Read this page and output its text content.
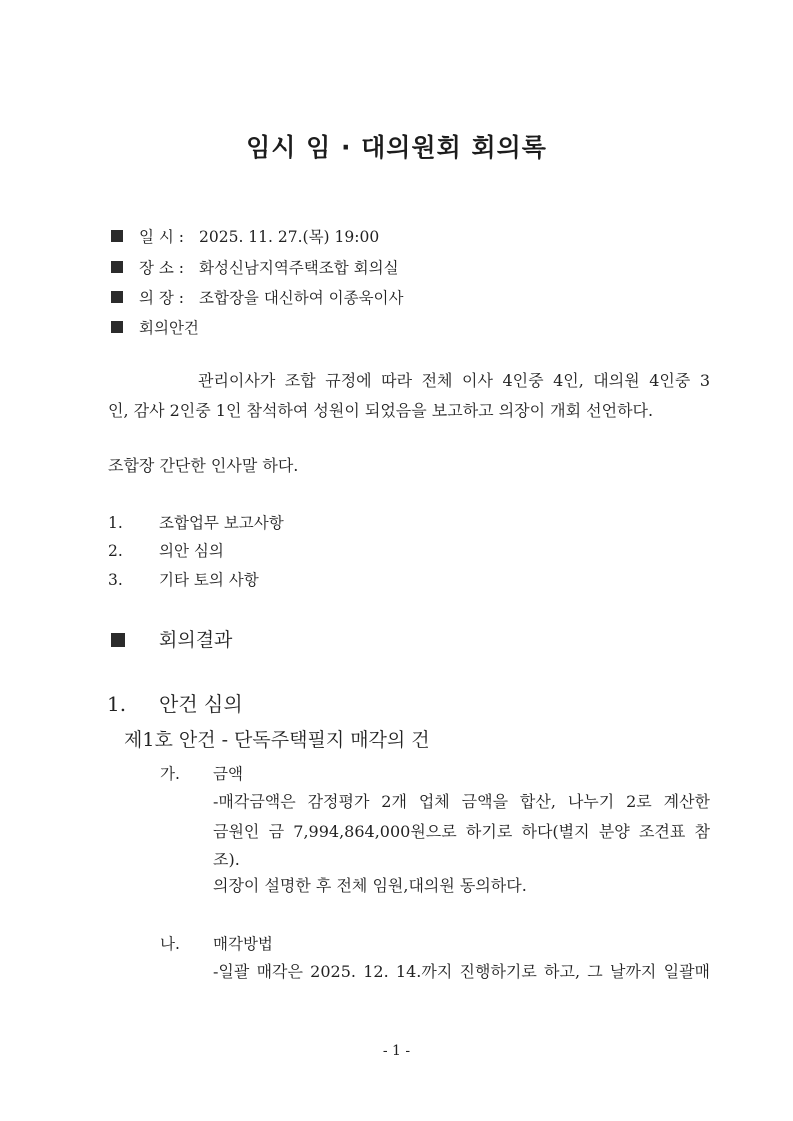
임시 임 · 대의원회 회의록
일 시 : 2025. 11. 27.(목) 19:00
장 소 : 화성신남지역주택조합 회의실
의 장 : 조합장을 대신하여 이종욱이사
회의안건
관리이사가 조합 규정에 따라 전체 이사 4인중 4인, 대의원 4인중 3
인, 감사 2인중 1인 참석하여 성원이 되었음을 보고하고 의장이 개회 선언하다.
조합장 간단한 인사말 하다.
1. 조합업무 보고사항
2. 의안 심의
3. 기타 토의 사항
회의결과
1. 안건 심의
제1호 안건 - 단독주택필지 매각의 건
가. 금액
-매각금액은 감정평가 2개 업체 금액을 합산, 나누기 2로 계산한
금원인 금 7,994,864,000원으로 하기로 하다(별지 분양 조견표 참
조).
의장이 설명한 후 전체 임원,대의원 동의하다.
나. 매각방법
-일괄 매각은 2025. 12. 14.까지 진행하기로 하고, 그 날까지 일괄매
- 1 -
